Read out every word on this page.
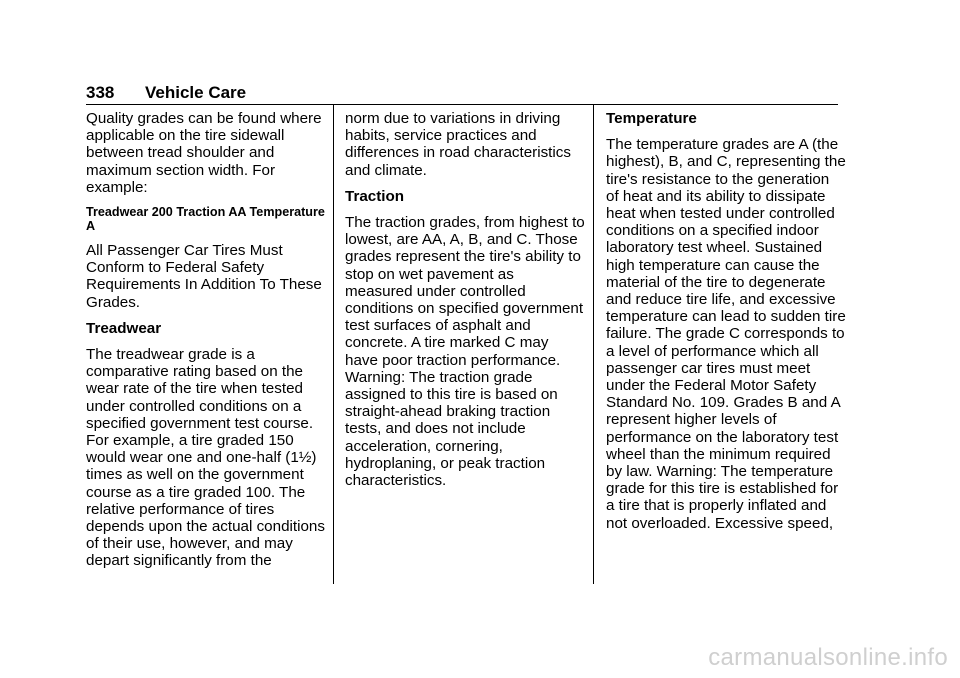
338 Vehicle Care

Quality grades can be found where applicable on the tire sidewall between tread shoulder and maximum section width. For example:

Treadwear 200 Traction AA Temperature A

All Passenger Car Tires Must Conform to Federal Safety Requirements In Addition To These Grades.

Treadwear

The treadwear grade is a comparative rating based on the wear rate of the tire when tested under controlled conditions on a specified government test course. For example, a tire graded 150 would wear one and one-half (1½) times as well on the government course as a tire graded 100. The relative performance of tires depends upon the actual conditions of their use, however, and may depart significantly from the

norm due to variations in driving habits, service practices and differences in road characteristics and climate.

Traction

The traction grades, from highest to lowest, are AA, A, B, and C. Those grades represent the tire's ability to stop on wet pavement as measured under controlled conditions on specified government test surfaces of asphalt and concrete. A tire marked C may have poor traction performance. Warning: The traction grade assigned to this tire is based on straight-ahead braking traction tests, and does not include acceleration, cornering, hydroplaning, or peak traction characteristics.

Temperature

The temperature grades are A (the highest), B, and C, representing the tire's resistance to the generation of heat and its ability to dissipate heat when tested under controlled conditions on a specified indoor laboratory test wheel. Sustained high temperature can cause the material of the tire to degenerate and reduce tire life, and excessive temperature can lead to sudden tire failure. The grade C corresponds to a level of performance which all passenger car tires must meet under the Federal Motor Safety Standard No. 109. Grades B and A represent higher levels of performance on the laboratory test wheel than the minimum required by law. Warning: The temperature grade for this tire is established for a tire that is properly inflated and not overloaded. Excessive speed,

carmanualsonline.info
